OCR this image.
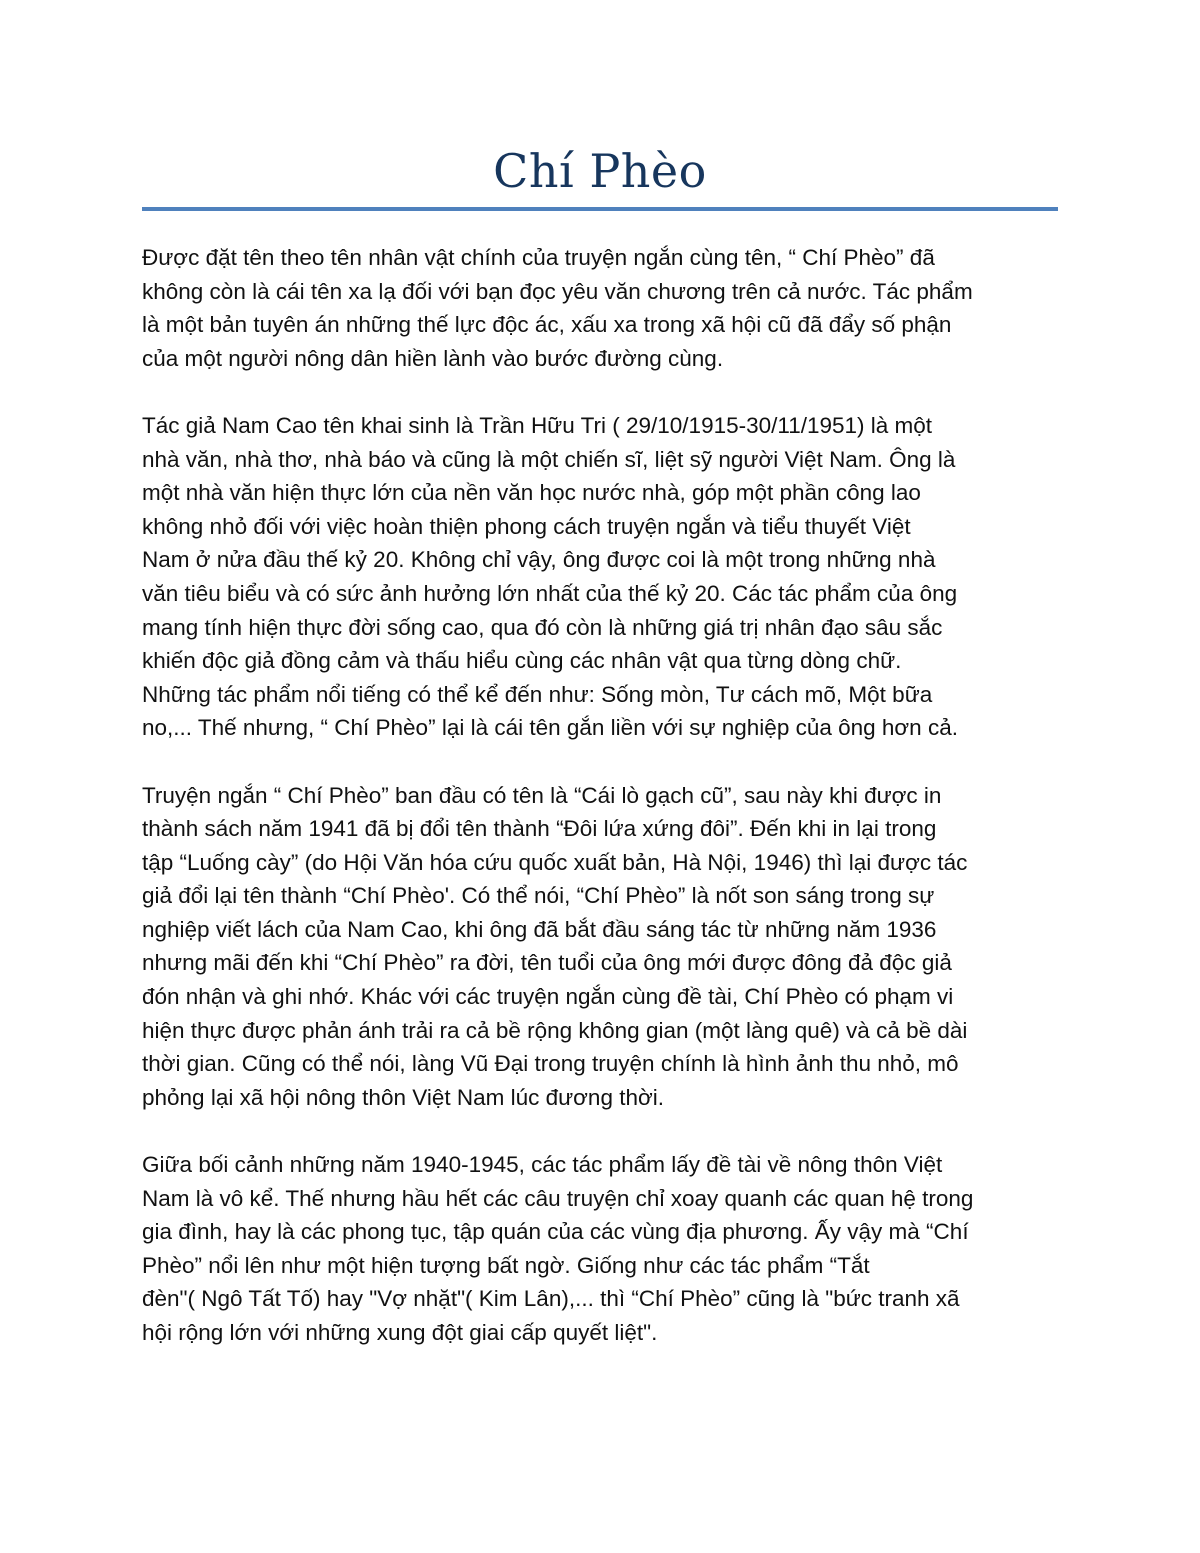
Chí Phèo
Được đặt tên theo tên nhân vật chính của truyện ngắn cùng tên, “ Chí Phèo” đã
không còn là cái tên xa lạ đối với bạn đọc yêu văn chương trên cả nước. Tác phẩm
là một bản tuyên án những thế lực độc ác, xấu xa trong xã hội cũ đã đẩy số phận
của một người nông dân hiền lành vào bước đường cùng.
Tác giả Nam Cao tên khai sinh là Trần Hữu Tri ( 29/10/1915-30/11/1951) là một
nhà văn, nhà thơ, nhà báo và cũng là một chiến sĩ, liệt sỹ người Việt Nam. Ông là
một nhà văn hiện thực lớn của nền văn học nước nhà, góp một phần công lao
không nhỏ đối với việc hoàn thiện phong cách truyện ngắn và tiểu thuyết Việt
Nam ở nửa đầu thế kỷ 20. Không chỉ vậy, ông được coi là một trong những nhà
văn tiêu biểu và có sức ảnh hưởng lớn nhất của thế kỷ 20. Các tác phẩm của ông
mang tính hiện thực đời sống cao, qua đó còn là những giá trị nhân đạo sâu sắc
khiến độc giả đồng cảm và thấu hiểu cùng các nhân vật qua từng dòng chữ.
Những tác phẩm nổi tiếng có thể kể đến như: Sống mòn, Tư cách mõ, Một bữa
no,... Thế nhưng, “ Chí Phèo” lại là cái tên gắn liền với sự nghiệp của ông hơn cả.
Truyện ngắn “ Chí Phèo” ban đầu có tên là “Cái lò gạch cũ”, sau này khi được in
thành sách năm 1941 đã bị đổi tên thành “Đôi lứa xứng đôi”. Đến khi in lại trong
tập “Luống cày” (do Hội Văn hóa cứu quốc xuất bản, Hà Nội, 1946) thì lại được tác
giả đổi lại tên thành “Chí Phèo'. Có thể nói, “Chí Phèo” là nốt son sáng trong sự
nghiệp viết lách của Nam Cao, khi ông đã bắt đầu sáng tác từ những năm 1936
nhưng mãi đến khi “Chí Phèo” ra đời, tên tuổi của ông mới được đông đả độc giả
đón nhận và ghi nhớ. Khác với các truyện ngắn cùng đề tài, Chí Phèo có phạm vi
hiện thực được phản ánh trải ra cả bề rộng không gian (một làng quê) và cả bề dài
thời gian. Cũng có thể nói, làng Vũ Đại trong truyện chính là hình ảnh thu nhỏ, mô
phỏng lại xã hội nông thôn Việt Nam lúc đương thời.
Giữa bối cảnh những năm 1940-1945, các tác phẩm lấy đề tài về nông thôn Việt
Nam là vô kể. Thế nhưng hầu hết các câu truyện chỉ xoay quanh các quan hệ trong
gia đình, hay là các phong tục, tập quán của các vùng địa phương. Ấy vậy mà “Chí
Phèo” nổi lên như một hiện tượng bất ngờ. Giống như các tác phẩm “Tắt
đèn"( Ngô Tất Tố) hay "Vợ nhặt"( Kim Lân),... thì “Chí Phèo” cũng là "bức tranh xã
hội rộng lớn với những xung đột giai cấp quyết liệt".
